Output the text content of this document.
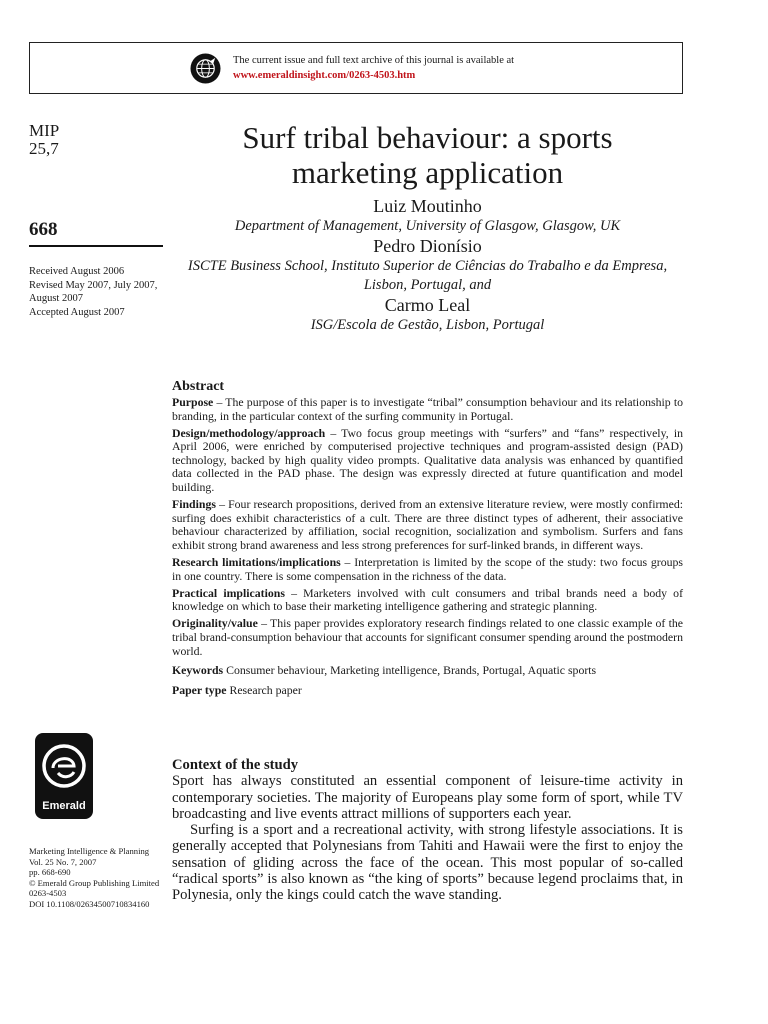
The current issue and full text archive of this journal is available at
www.emeraldinsight.com/0263-4503.htm
MIP
25,7
668
Received August 2006
Revised May 2007, July 2007,
August 2007
Accepted August 2007
Surf tribal behaviour: a sports
marketing application
Luiz Moutinho
Department of Management, University of Glasgow, Glasgow, UK
Pedro Dionísio
ISCTE Business School, Instituto Superior de Ciências do Trabalho e da Empresa,
Lisbon, Portugal, and
Carmo Leal
ISG/Escola de Gestão, Lisbon, Portugal
Abstract

Purpose – The purpose of this paper is to investigate “tribal” consumption behaviour and its relationship to branding, in the particular context of the surfing community in Portugal.

Design/methodology/approach – Two focus group meetings with “surfers” and “fans” respectively, in April 2006, were enriched by computerised projective techniques and program-assisted design (PAD) technology, backed by high quality video prompts. Qualitative data analysis was enhanced by quantified data collected in the PAD phase. The design was expressly directed at future quantification and model building.

Findings – Four research propositions, derived from an extensive literature review, were mostly confirmed: surfing does exhibit characteristics of a cult. There are three distinct types of adherent, their associative behaviour characterized by affiliation, social recognition, socialization and symbolism. Surfers and fans exhibit strong brand awareness and less strong preferences for surf-linked brands, in different ways.

Research limitations/implications – Interpretation is limited by the scope of the study: two focus groups in one country. There is some compensation in the richness of the data.

Practical implications – Marketers involved with cult consumers and tribal brands need a body of knowledge on which to base their marketing intelligence gathering and strategic planning.

Originality/value – This paper provides exploratory research findings related to one classic example of the tribal brand-consumption behaviour that accounts for significant consumer spending around the postmodern world.

Keywords Consumer behaviour, Marketing intelligence, Brands, Portugal, Aquatic sports

Paper type Research paper

Emerald
Marketing Intelligence & Planning
Vol. 25 No. 7, 2007
pp. 668-690
© Emerald Group Publishing Limited
0263-4503
DOI 10.1108/02634500710834160
Context of the study

Sport has always constituted an essential component of leisure-time activity in contemporary societies. The majority of Europeans play some form of sport, while TV broadcasting and live events attract millions of supporters each year.

Surfing is a sport and a recreational activity, with strong lifestyle associations. It is generally accepted that Polynesians from Tahiti and Hawaii were the first to enjoy the sensation of gliding across the face of the ocean. This most popular of so-called “radical sports” is also known as “the king of sports” because legend proclaims that, in Polynesia, only the kings could catch the wave standing.
